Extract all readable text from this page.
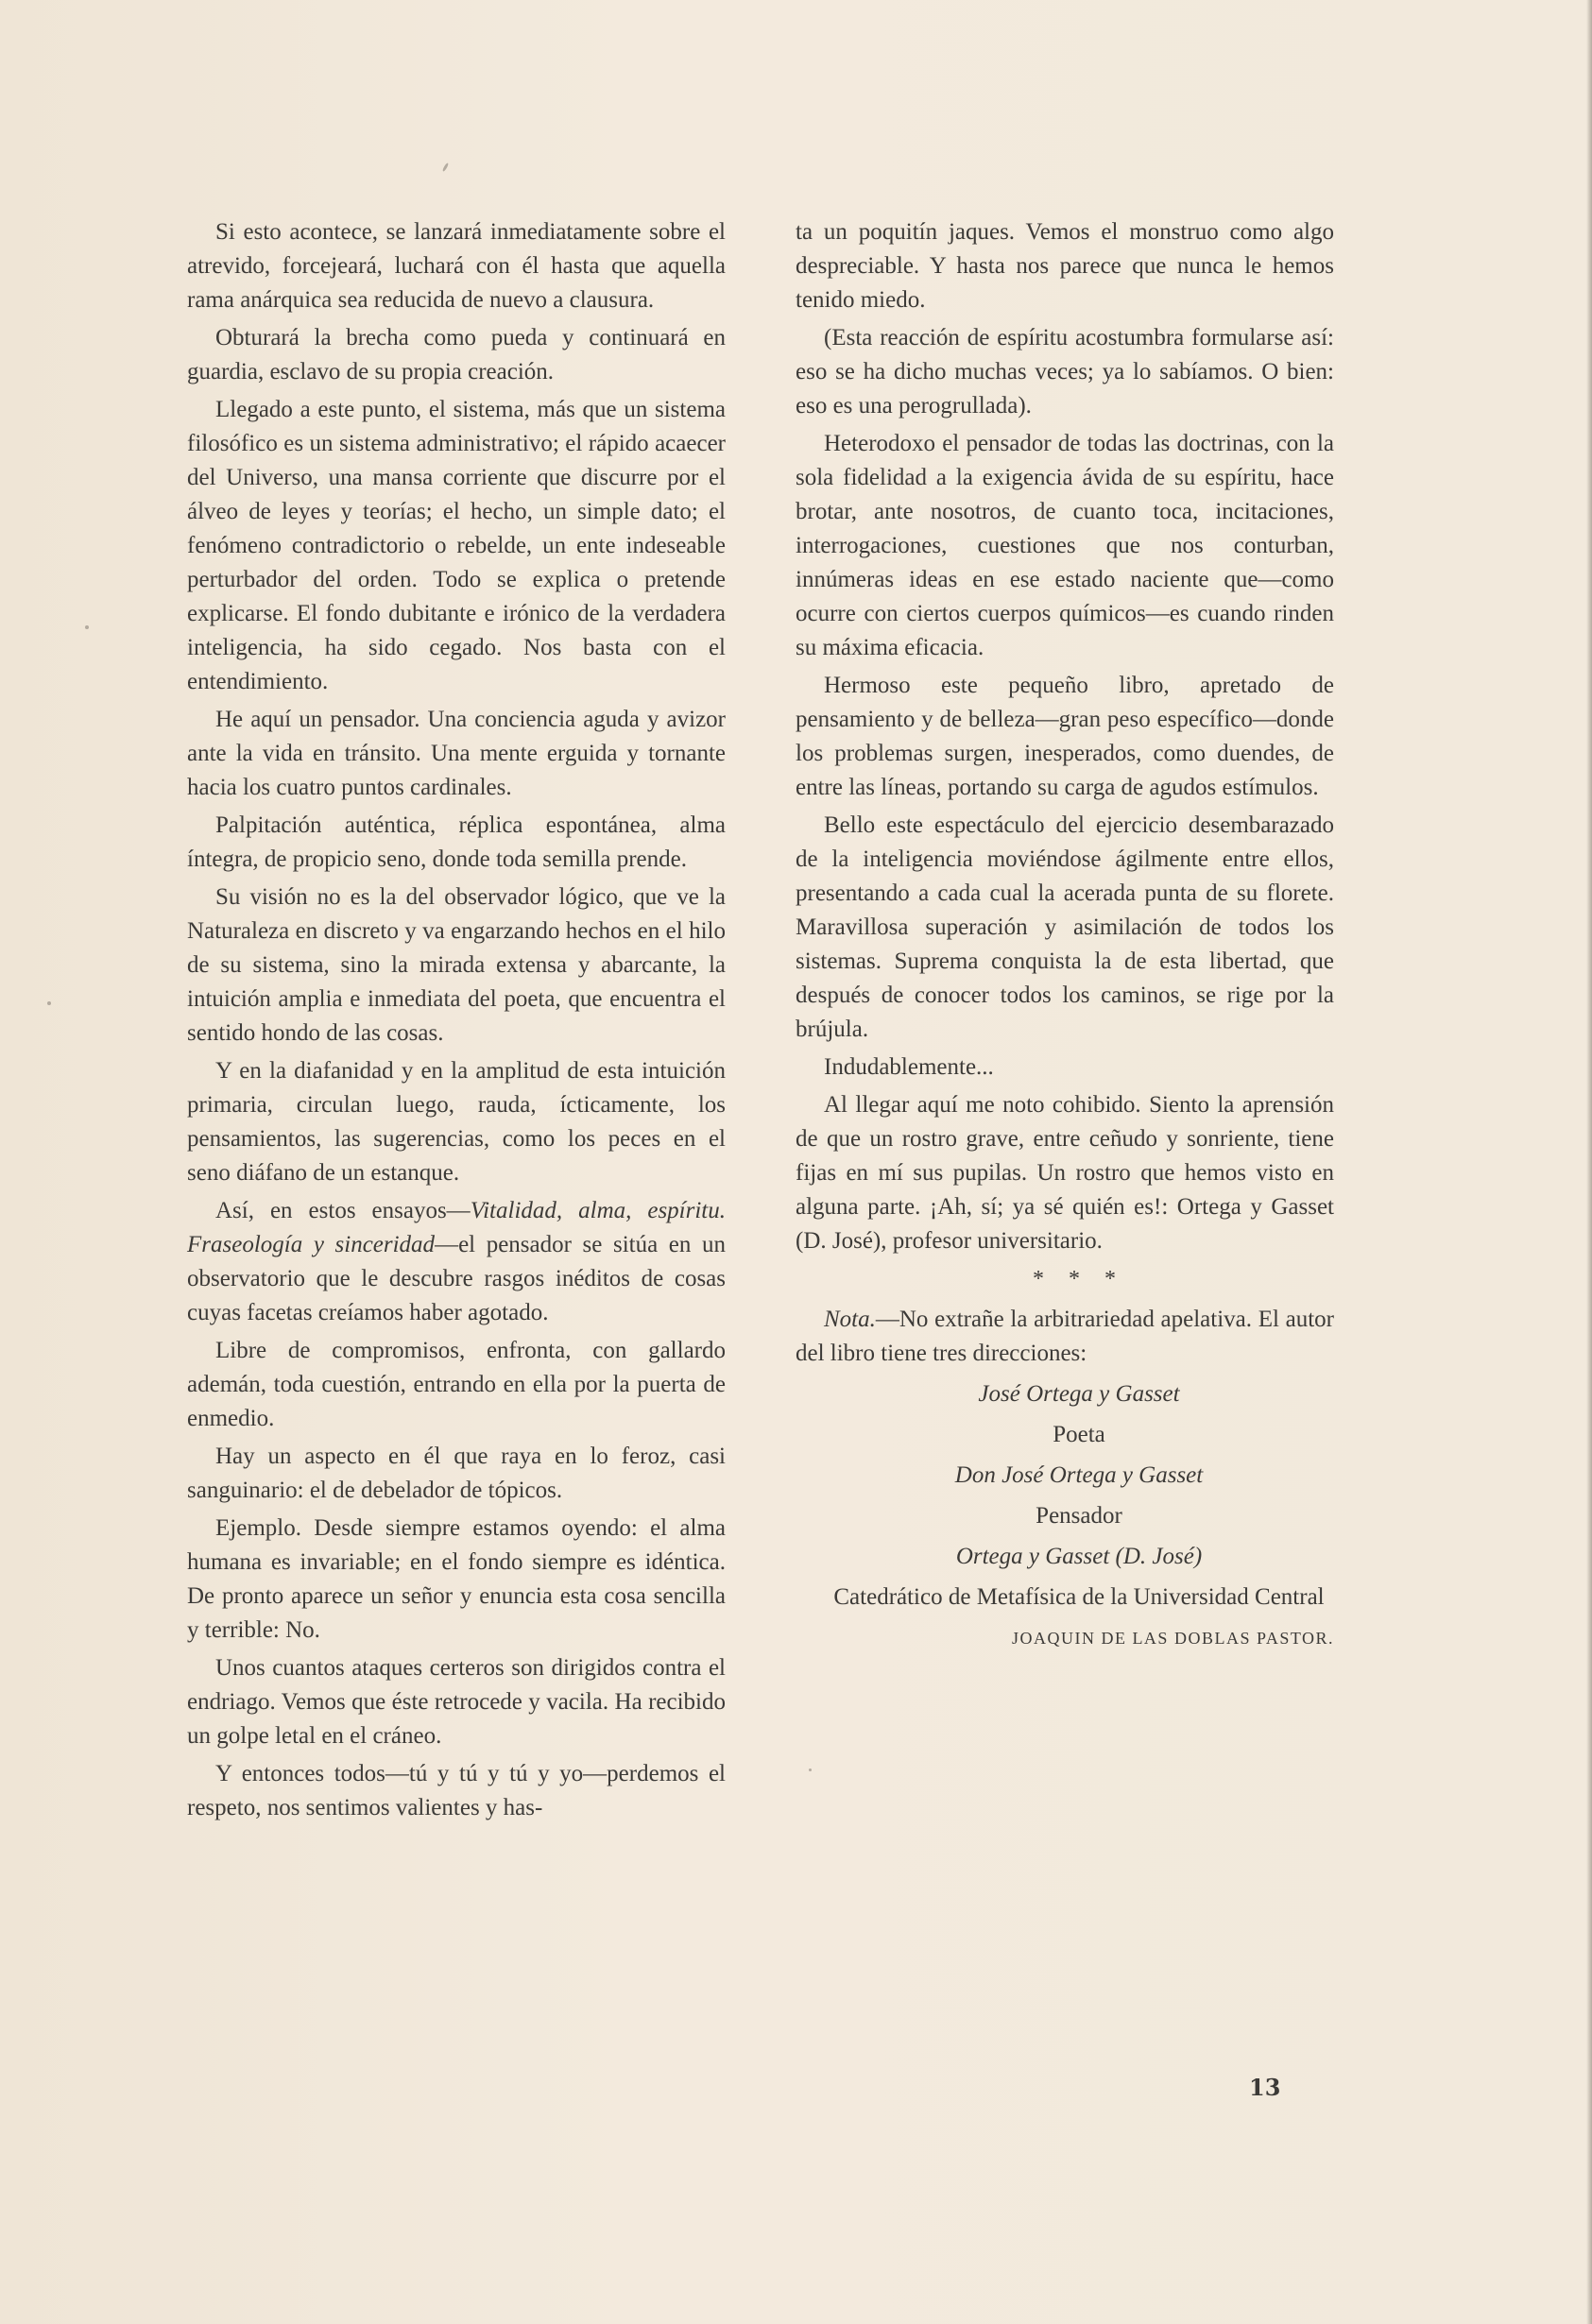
Si esto acontece, se lanzará inmediatamente sobre el atrevido, forcejeará, luchará con él hasta que aquella rama anárquica sea reducida de nuevo a clausura.

Obturará la brecha como pueda y continuará en guardia, esclavo de su propia creación.

Llegado a este punto, el sistema, más que un sistema filosófico es un sistema administrativo; el rápido acaecer del Universo, una mansa corriente que discurre por el álveo de leyes y teorías; el hecho, un simple dato; el fenómeno contradictorio o rebelde, un ente indeseable perturbador del orden. Todo se explica o pretende explicarse. El fondo dubitante e irónico de la verdadera inteligencia, ha sido cegado. Nos basta con el entendimiento.

He aquí un pensador. Una conciencia aguda y avizor ante la vida en tránsito. Una mente erguida y tornante hacia los cuatro puntos cardinales.

Palpitación auténtica, réplica espontánea, alma íntegra, de propicio seno, donde toda semilla prende.

Su visión no es la del observador lógico, que ve la Naturaleza en discreto y va engarzando hechos en el hilo de su sistema, sino la mirada extensa y abarcante, la intuición amplia e inmediata del poeta, que encuentra el sentido hondo de las cosas.

Y en la diafanidad y en la amplitud de esta intuición primaria, circulan luego, rauda, ícticamente, los pensamientos, las sugerencias, como los peces en el seno diáfano de un estanque.

Así, en estos ensayos—Vitalidad, alma, espíritu. Fraseología y sinceridad—el pensador se sitúa en un observatorio que le descubre rasgos inéditos de cosas cuyas facetas creíamos haber agotado.

Libre de compromisos, enfronta, con gallardo ademán, toda cuestión, entrando en ella por la puerta de enmedio.

Hay un aspecto en él que raya en lo feroz, casi sanguinario: el de debelador de tópicos.

Ejemplo. Desde siempre estamos oyendo: el alma humana es invariable; en el fondo siempre es idéntica. De pronto aparece un señor y enuncia esta cosa sencilla y terrible: No.

Unos cuantos ataques certeros son dirigidos contra el endriago. Vemos que éste retrocede y vacila. Ha recibido un golpe letal en el cráneo.

Y entonces todos—tú y tú y tú y yo—perdemos el respeto, nos sentimos valientes y has-

ta un poquitín jaques. Vemos el monstruo como algo despreciable. Y hasta nos parece que nunca le hemos tenido miedo.

(Esta reacción de espíritu acostumbra formularse así: eso se ha dicho muchas veces; ya lo sabíamos. O bien: eso es una perogrullada).

Heterodoxo el pensador de todas las doctrinas, con la sola fidelidad a la exigencia ávida de su espíritu, hace brotar, ante nosotros, de cuanto toca, incitaciones, interrogaciones, cuestiones que nos conturban, innúmeras ideas en ese estado naciente que—como ocurre con ciertos cuerpos químicos—es cuando rinden su máxima eficacia.

Hermoso este pequeño libro, apretado de pensamiento y de belleza—gran peso específico—donde los problemas surgen, inesperados, como duendes, de entre las líneas, portando su carga de agudos estímulos.

Bello este espectáculo del ejercicio desembarazado de la inteligencia moviéndose ágilmente entre ellos, presentando a cada cual la acerada punta de su florete. Maravillosa superación y asimilación de todos los sistemas. Suprema conquista la de esta libertad, que después de conocer todos los caminos, se rige por la brújula.

Indudablemente...

Al llegar aquí me noto cohibido. Siento la aprensión de que un rostro grave, entre ceñudo y sonriente, tiene fijas en mí sus pupilas. Un rostro que hemos visto en alguna parte. ¡Ah, sí; ya sé quién es!: Ortega y Gasset (D. José), profesor universitario.

* * *

Nota.—No extrañe la arbitrariedad apelativa. El autor del libro tiene tres direcciones:

José Ortega y Gasset

Poeta

Don José Ortega y Gasset

Pensador

Ortega y Gasset (D. José)

Catedrático de Metafísica de la Universidad Central

JOAQUIN DE LAS DOBLAS PASTOR.

13
